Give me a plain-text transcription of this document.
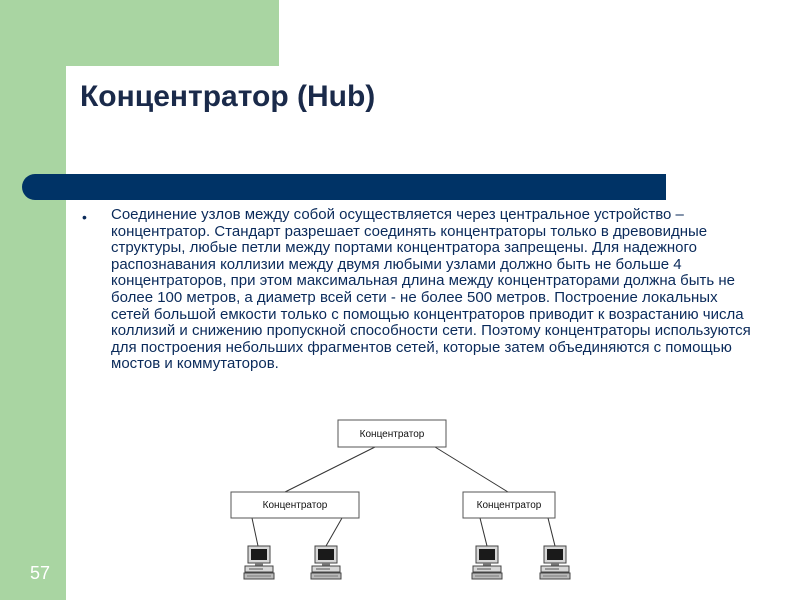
Концентратор (Hub)
• Соединение узлов между собой осуществляется через центральное устройство – концентратор. Стандарт разрешает соединять концентраторы только в древовидные структуры, любые петли между портами концентратора запрещены. Для надежного распознавания коллизии между двумя любыми узлами должно быть не больше 4 концентраторов, при этом максимальная длина между концентраторами должна быть не более 100 метров, а диаметр всей сети - не более 500 метров. Построение локальных сетей большой емкости только с помощью концентраторов приводит к возрастанию числа коллизий и снижению пропускной способности сети. Поэтому концентраторы используются для построения небольших фрагментов сетей, которые затем объединяются с помощью мостов и коммутаторов.

Концентратор
Концентратор	Концентратор
57
